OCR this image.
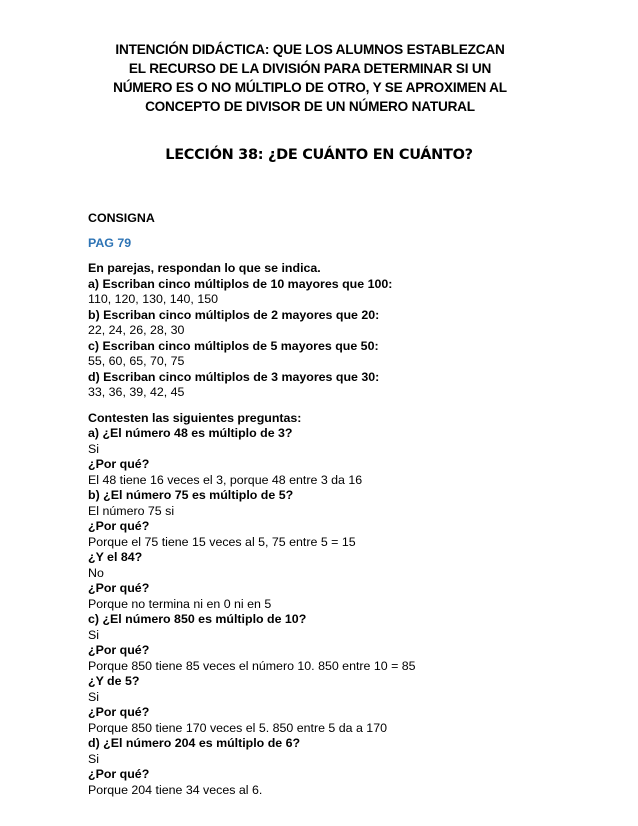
INTENCIÓN DIDÁCTICA: QUE LOS ALUMNOS ESTABLEZCAN
EL RECURSO DE LA DIVISIÓN PARA DETERMINAR SI UN
NÚMERO ES O NO MÚLTIPLO DE OTRO, Y SE APROXIMEN AL
CONCEPTO DE DIVISOR DE UN NÚMERO NATURAL
LECCIÓN 38: ¿DE CUÁNTO EN CUÁNTO?
CONSIGNA
PAG 79
En parejas, respondan lo que se indica.
a) Escriban cinco múltiplos de 10 mayores que 100:
110, 120, 130, 140, 150
b) Escriban cinco múltiplos de 2 mayores que 20:
22, 24, 26, 28, 30
c) Escriban cinco múltiplos de 5 mayores que 50:
55, 60, 65, 70, 75
d) Escriban cinco múltiplos de 3 mayores que 30:
33, 36, 39, 42, 45
Contesten las siguientes preguntas:
a) ¿El número 48 es múltiplo de 3?
Si
¿Por qué?
El 48 tiene 16 veces el 3, porque 48 entre 3 da 16
b) ¿El número 75 es múltiplo de 5?
El número 75 si
¿Por qué?
Porque el 75 tiene 15 veces al 5, 75 entre 5 = 15
¿Y el 84?
No
¿Por qué?
Porque no termina ni en 0 ni en 5
c) ¿El número 850 es múltiplo de 10?
Si
¿Por qué?
Porque 850 tiene 85 veces el número 10. 850 entre 10 = 85
¿Y de 5?
Si
¿Por qué?
Porque 850 tiene 170 veces el 5. 850 entre 5 da a 170
d) ¿El número 204 es múltiplo de 6?
Si
¿Por qué?
Porque 204 tiene 34 veces al 6.
